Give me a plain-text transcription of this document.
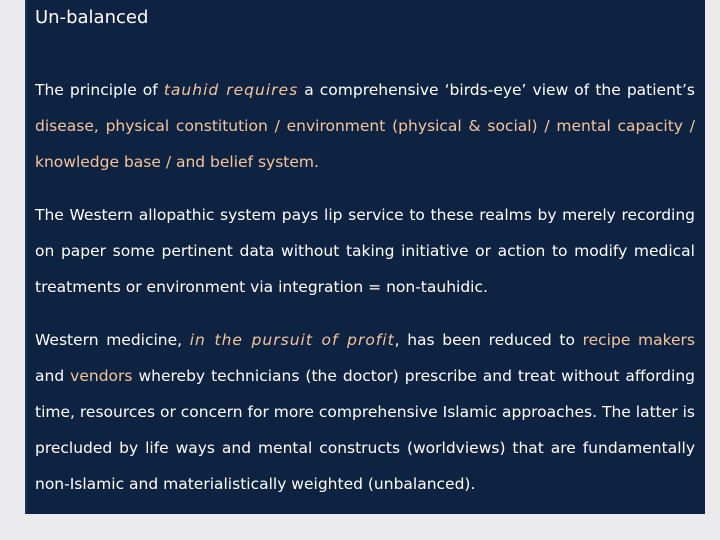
Un-balanced

The principle of tauhid requires a comprehensive ‘birds-eye’ view of the patient’s disease, physical constitution / environment (physical & social) / mental capacity / knowledge base / and belief system.

The Western allopathic system pays lip service to these realms by merely recording on paper some pertinent data without taking initiative or action to modify medical treatments or environment via integration = non-tauhidic.

Western medicine, in the pursuit of profit, has been reduced to recipe makers and vendors whereby technicians (the doctor) prescribe and treat without affording time, resources or concern for more comprehensive Islamic approaches. The latter is precluded by life ways and mental constructs (worldviews) that are fundamentally non-Islamic and materialistically weighted (unbalanced).
